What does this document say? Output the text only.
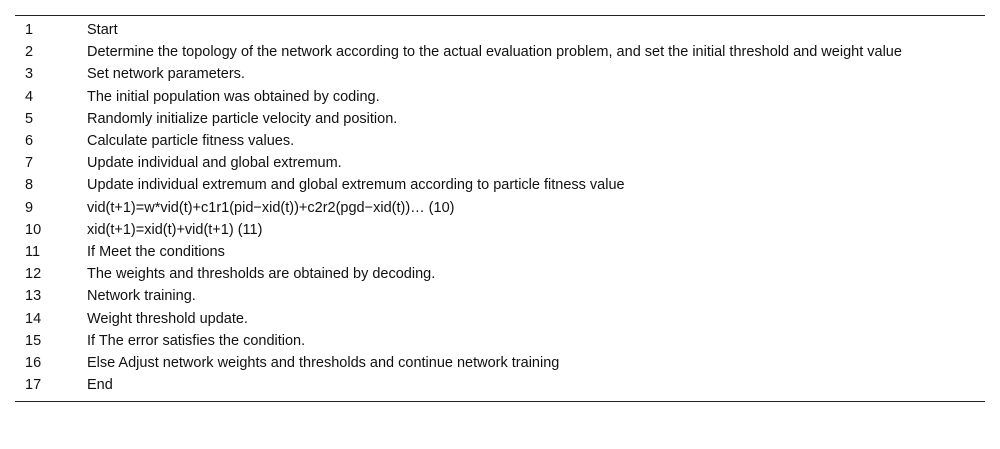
1	Start
2	Determine the topology of the network according to the actual evaluation problem, and set the initial threshold and weight value
3	Set network parameters.
4	The initial population was obtained by coding.
5	Randomly initialize particle velocity and position.
6	Calculate particle fitness values.
7	Update individual and global extremum.
8	Update individual extremum and global extremum according to particle fitness value
9	vid(t+1)=w*vid(t)+c1r1(pid−xid(t))+c2r2(pgd−xid(t))… (10)
10	xid(t+1)=xid(t)+vid(t+1) (11)
11	If Meet the conditions
12	The weights and thresholds are obtained by decoding.
13	Network training.
14	Weight threshold update.
15	If The error satisfies the condition.
16	Else Adjust network weights and thresholds and continue network training
17	End
